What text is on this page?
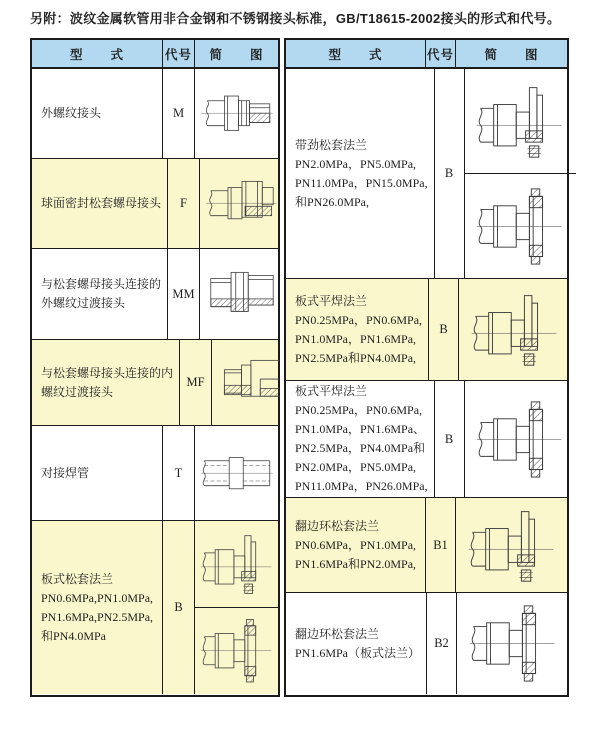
另附：波纹金属软管用非合金钢和不锈钢接头标准，GB/T18615-2002接头的形式和代号。
型　　式	代号	简　　图
外螺纹接头	M
球面密封松套螺母接头	F
与松套螺母接头连接的
外螺纹过渡接头
MM
与松套螺母接头连接的内
螺纹过渡接头
MF
对接焊管	T
板式松套法兰
PN0.6MPa,PN1.0MPa,
PN1.6MPa,PN2.5MPa,
和PN4.0MPa
B
型　　式	代号	简　　图
带劲松套法兰
PN2.0MPa，PN5.0MPa,
PN11.0MPa，PN15.0MPa,
和PN26.0MPa,
B
板式平焊法兰
PN0.25MPa，PN0.6MPa,
PN1.0MPa，PN1.6MPa,
PN2.5MPa和PN4.0MPa,
B
板式平焊法兰
PN0.25MPa，PN0.6MPa,
PN1.0MPa，PN1.6MPa、
PN2.5MPa，PN4.0MPa和
PN2.0MPa，PN5.0MPa,
PN11.0MPa，PN26.0MPa,
B
翻边环松套法兰
PN0.6MPa，PN1.0MPa,
PN1.6MPa和PN2.0MPa,
B1
翻边环松套法兰
PN1.6MPa（板式法兰）
B2
